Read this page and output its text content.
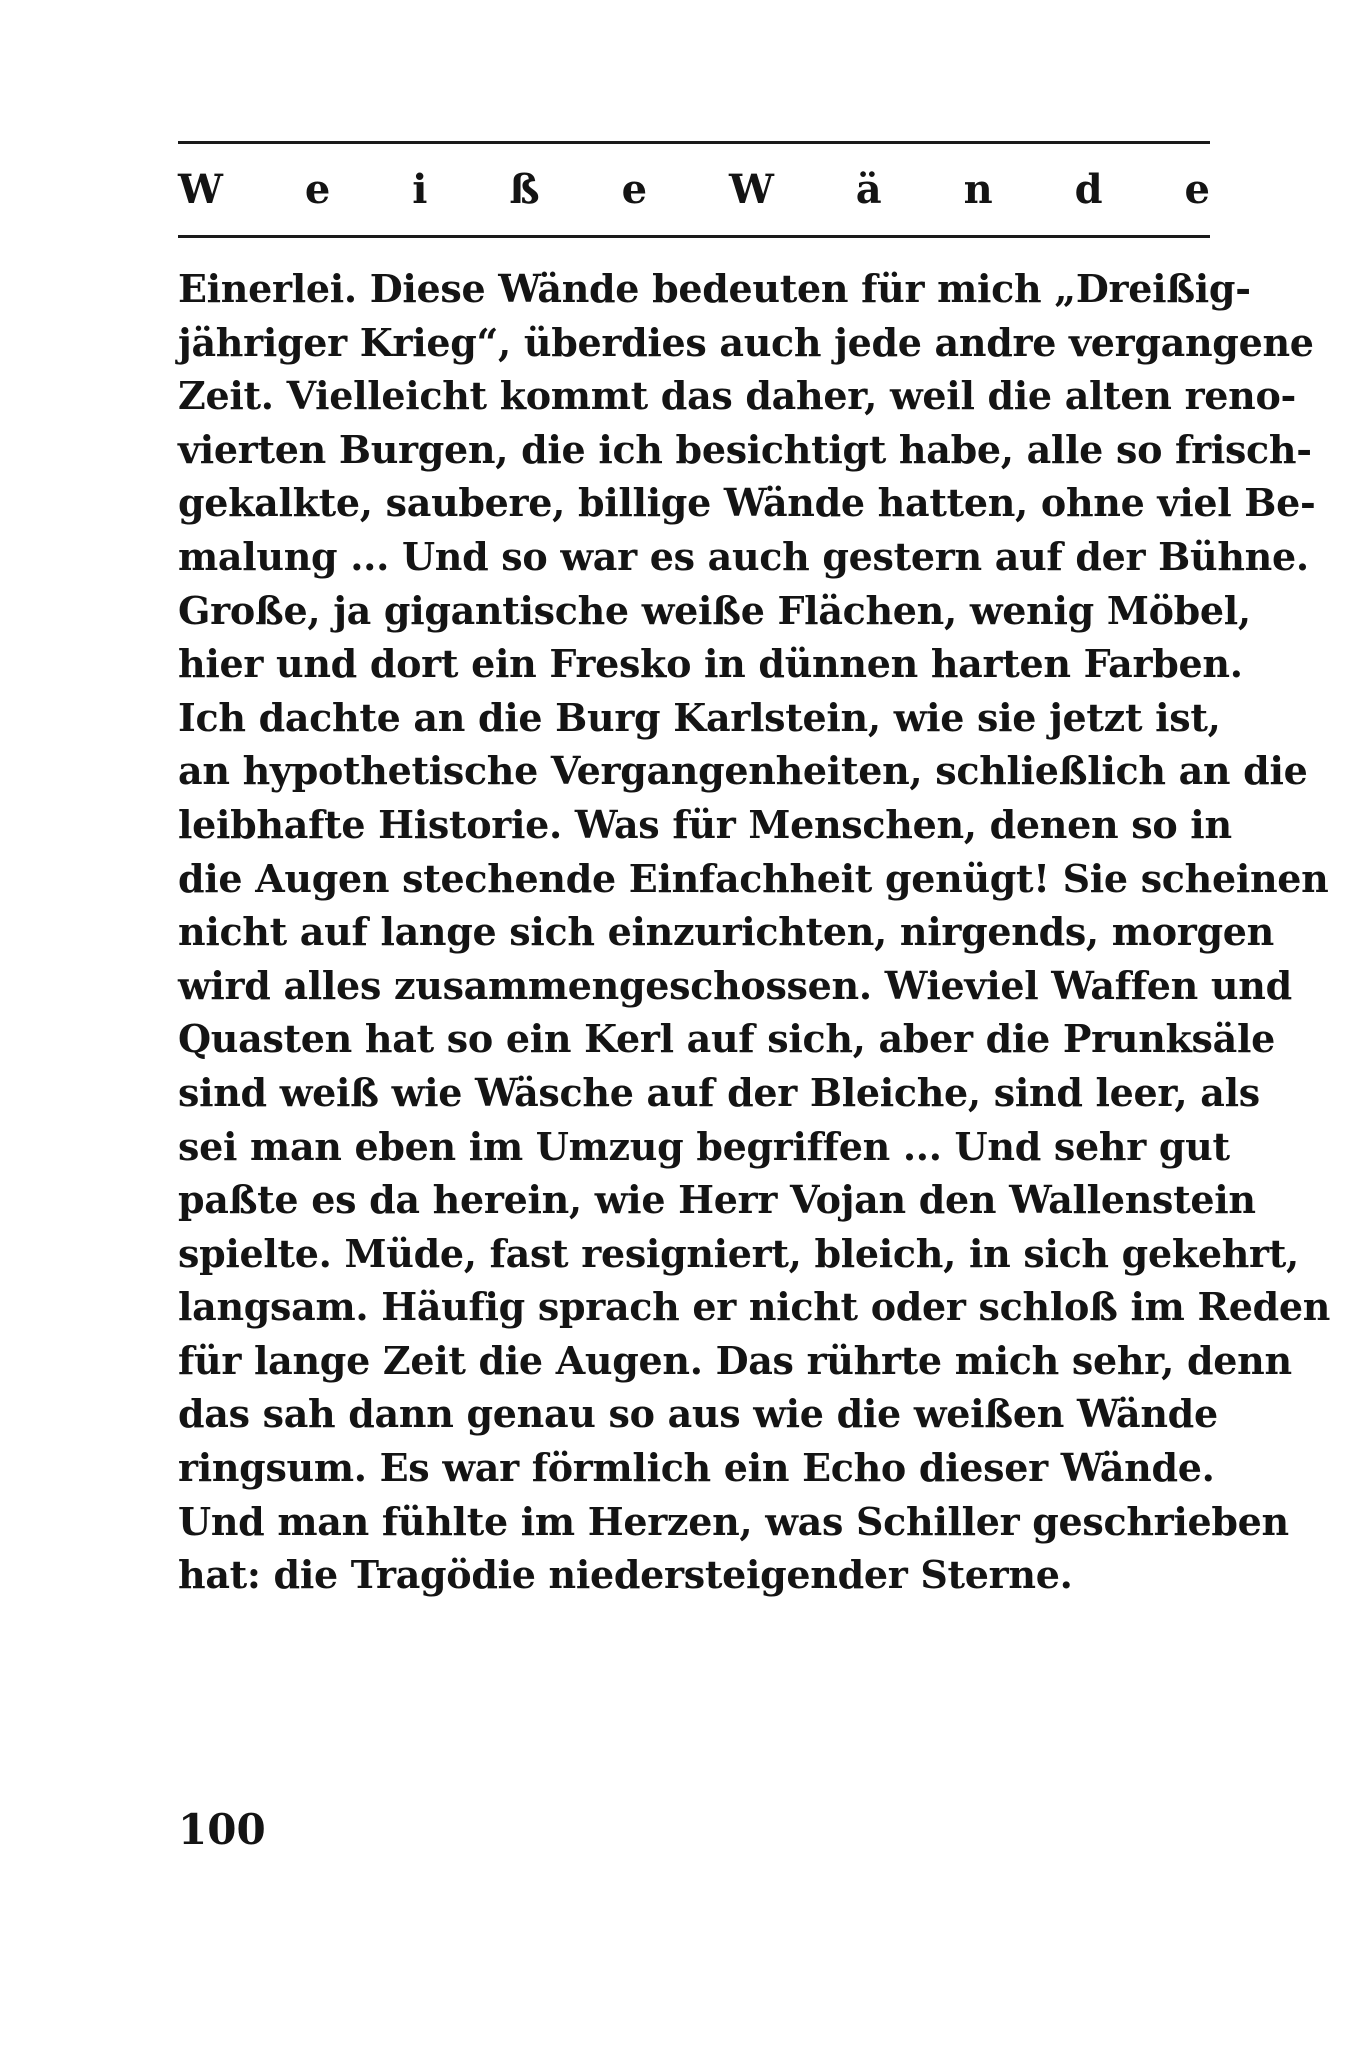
W e i ß e W ä n d e
Einerlei. Diese Wände bedeuten für mich „Dreißig-
jähriger Krieg“, überdies auch jede andre vergangene
Zeit. Vielleicht kommt das daher, weil die alten reno-
vierten Burgen, die ich besichtigt habe, alle so frisch-
gekalkte, saubere, billige Wände hatten, ohne viel Be-
malung ... Und so war es auch gestern auf der Bühne.
Große, ja gigantische weiße Flächen, wenig Möbel,
hier und dort ein Fresko in dünnen harten Farben.
Ich dachte an die Burg Karlstein, wie sie jetzt ist,
an hypothetische Vergangenheiten, schließlich an die
leibhafte Historie. Was für Menschen, denen so in
die Augen stechende Einfachheit genügt! Sie scheinen
nicht auf lange sich einzurichten, nirgends, morgen
wird alles zusammengeschossen. Wieviel Waffen und
Quasten hat so ein Kerl auf sich, aber die Prunksäle
sind weiß wie Wäsche auf der Bleiche, sind leer, als
sei man eben im Umzug begriffen ... Und sehr gut
paßte es da herein, wie Herr Vojan den Wallenstein
spielte. Müde, fast resigniert, bleich, in sich gekehrt,
langsam. Häufig sprach er nicht oder schloß im Reden
für lange Zeit die Augen. Das rührte mich sehr, denn
das sah dann genau so aus wie die weißen Wände
ringsum. Es war förmlich ein Echo dieser Wände.
Und man fühlte im Herzen, was Schiller geschrieben
hat: die Tragödie niedersteigender Sterne.
100
